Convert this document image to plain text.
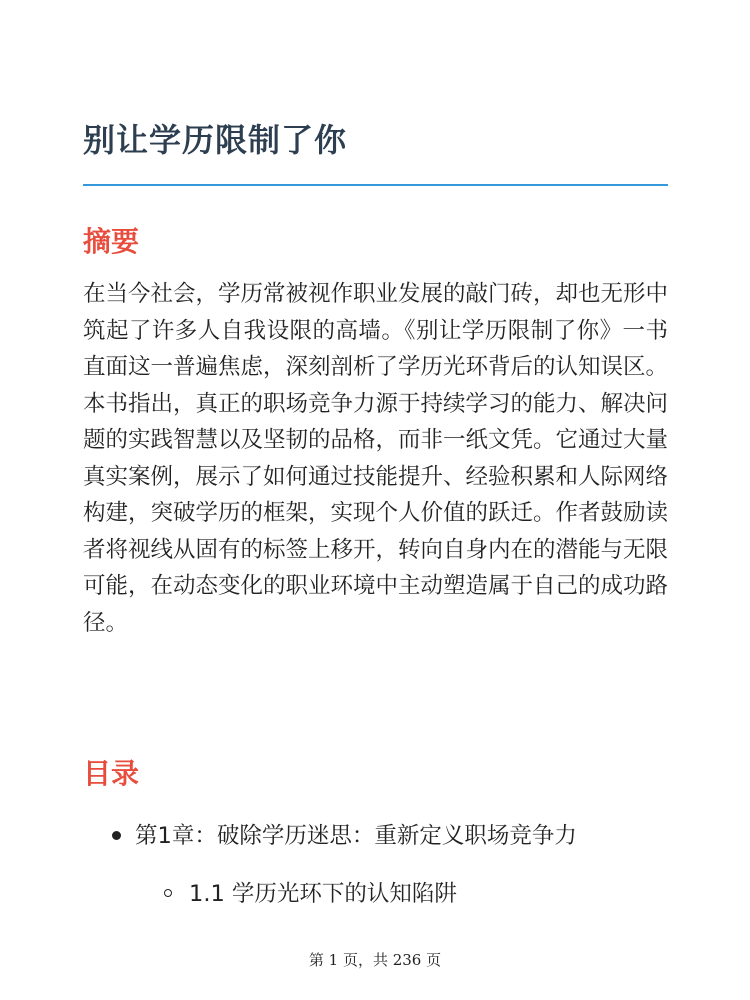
别让学历限制了你
摘要

在当今社会，学历常被视作职业发展的敲门砖，却也无形中筑起了许多人自我设限的高墙。《别让学历限制了你》一书直面这一普遍焦虑，深刻剖析了学历光环背后的认知误区。本书指出，真正的职场竞争力源于持续学习的能力、解决问题的实践智慧以及坚韧的品格，而非一纸文凭。它通过大量真实案例，展示了如何通过技能提升、经验积累和人际网络构建，突破学历的框架，实现个人价值的跃迁。作者鼓励读者将视线从固有的标签上移开，转向自身内在的潜能与无限可能，在动态变化的职业环境中主动塑造属于自己的成功路径。

目录
第1章：破除学历迷思：重新定义职场竞争力
1.1 学历光环下的认知陷阱
第 1 页，共 236 页
